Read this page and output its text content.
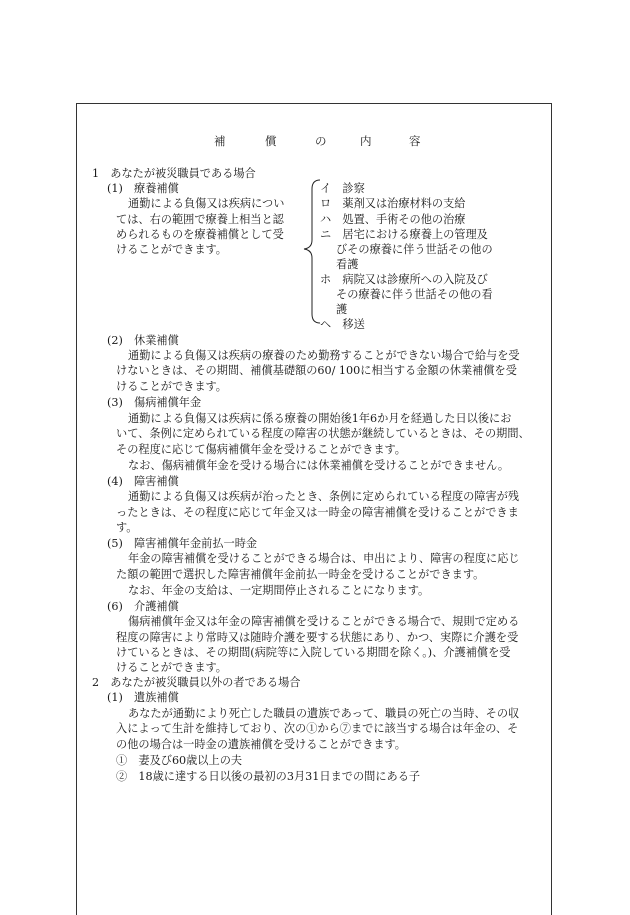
補	償	の	内	容
1　あなたが被災職員である場合
(1)　療養補償
通勤による負傷又は疾病につい
ては、右の範囲で療養上相当と認
められるものを療養補償として受
けることができます。
イ　診察
ロ　薬剤又は治療材料の支給
ハ　処置、手術その他の治療
ニ　居宅における療養上の管理及
びその療養に伴う世話その他の
看護
ホ　病院又は診療所への入院及び
その療養に伴う世話その他の看
護
ヘ　移送
(2)　休業補償
通勤による負傷又は疾病の療養のため勤務することができない場合で給与を受
けないときは、その期間、補償基礎額の60/ 100に相当する金額の休業補償を受
けることができます。
(3)　傷病補償年金
通勤による負傷又は疾病に係る療養の開始後1年6か月を経過した日以後にお
いて、条例に定められている程度の障害の状態が継続しているときは、その期間、
その程度に応じて傷病補償年金を受けることができます。
なお、傷病補償年金を受ける場合には休業補償を受けることができません。
(4)　障害補償
通勤による負傷又は疾病が治ったとき、条例に定められている程度の障害が残
ったときは、その程度に応じて年金又は一時金の障害補償を受けることができま
す。
(5)　障害補償年金前払一時金
年金の障害補償を受けることができる場合は、申出により、障害の程度に応じ
た額の範囲で選択した障害補償年金前払一時金を受けることができます。
なお、年金の支給は、一定期間停止されることになります。
(6)　介護補償
傷病補償年金又は年金の障害補償を受けることができる場合で、規則で定める
程度の障害により常時又は随時介護を要する状態にあり、かつ、実際に介護を受
けているときは、その期間(病院等に入院している期間を除く。)、介護補償を受
けることができます。
2　あなたが被災職員以外の者である場合
(1)　遺族補償
あなたが通勤により死亡した職員の遺族であって、職員の死亡の当時、その収
入によって生計を維持しており、次の①から⑦までに該当する場合は年金の、そ
の他の場合は一時金の遺族補償を受けることができます。
①　妻及び60歳以上の夫
②　18歳に達する日以後の最初の3月31日までの間にある子
